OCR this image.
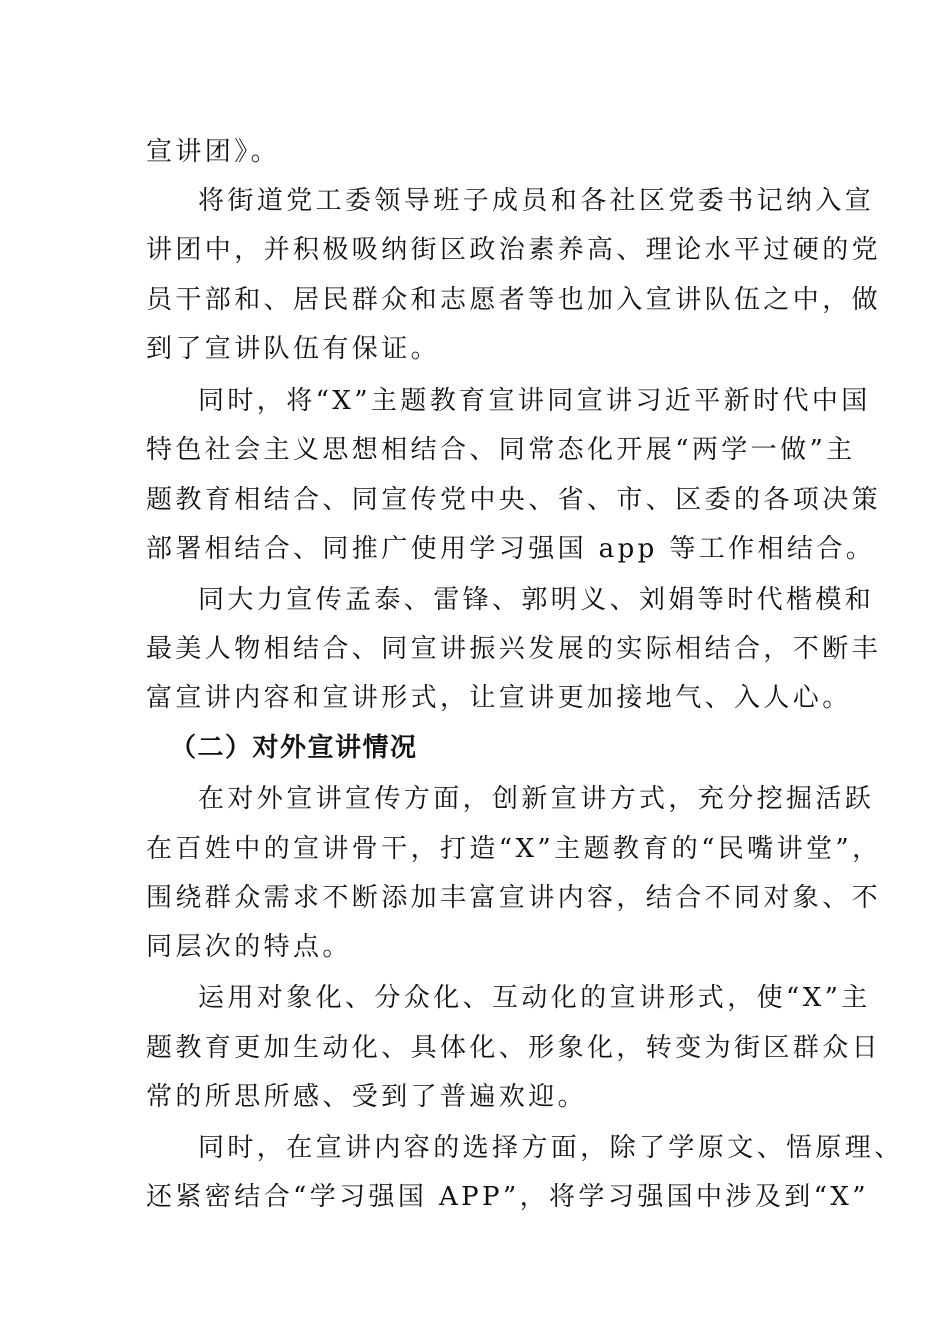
宣讲团》。
将街道党工委领导班子成员和各社区党委书记纳入宣
讲团中，并积极吸纳街区政治素养高、理论水平过硬的党
员干部和、居民群众和志愿者等也加入宣讲队伍之中，做
到了宣讲队伍有保证。
同时，将“X”主题教育宣讲同宣讲习近平新时代中国
特色社会主义思想相结合、同常态化开展“两学一做”主
题教育相结合、同宣传党中央、省、市、区委的各项决策
部署相结合、同推广使用学习强国 app 等工作相结合。
同大力宣传孟泰、雷锋、郭明义、刘娟等时代楷模和
最美人物相结合、同宣讲振兴发展的实际相结合，不断丰
富宣讲内容和宣讲形式，让宣讲更加接地气、入人心。
（二）对外宣讲情况
在对外宣讲宣传方面，创新宣讲方式，充分挖掘活跃
在百姓中的宣讲骨干，打造“X”主题教育的“民嘴讲堂”，
围绕群众需求不断添加丰富宣讲内容，结合不同对象、不
同层次的特点。
运用对象化、分众化、互动化的宣讲形式，使“X”主
题教育更加生动化、具体化、形象化，转变为街区群众日
常的所思所感、受到了普遍欢迎。
同时，在宣讲内容的选择方面，除了学原文、悟原理、
还紧密结合“学习强国 APP”，将学习强国中涉及到“X”
